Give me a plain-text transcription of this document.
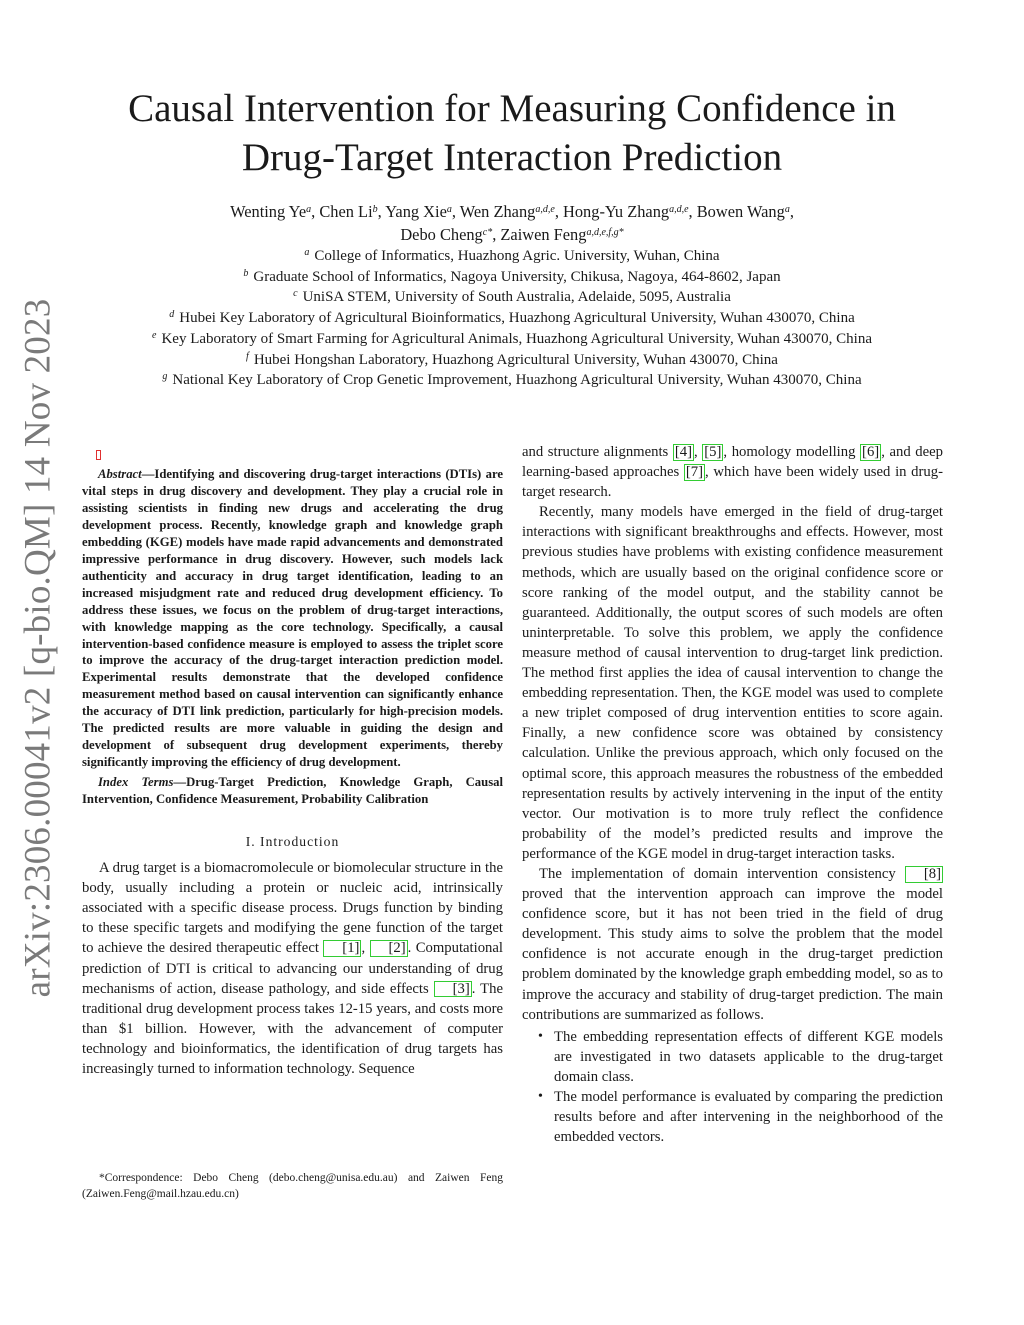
arXiv:2306.00041v2 [q-bio.QM] 14 Nov 2023
Causal Intervention for Measuring Confidence in
Drug-Target Interaction Prediction
Wenting Ye$^a$, Chen Li$^b$, Yang Xie$^a$, Wen Zhang$^{a,d,e}$, Hong-Yu Zhang$^{a,d,e}$, Bowen Wang$^a$,
Debo Cheng$^{c*}$, Zaiwen Feng$^{a,d,e,f,g*}$
$^a$ College of Informatics, Huazhong Agric. University, Wuhan, China
$^b$ Graduate School of Informatics, Nagoya University, Chikusa, Nagoya, 464-8602, Japan
$^c$ UniSA STEM, University of South Australia, Adelaide, 5095, Australia
$^d$ Hubei Key Laboratory of Agricultural Bioinformatics, Huazhong Agricultural University, Wuhan 430070, China
$^e$ Key Laboratory of Smart Farming for Agricultural Animals, Huazhong Agricultural University, Wuhan 430070, China
$^f$ Hubei Hongshan Laboratory, Huazhong Agricultural University, Wuhan 430070, China
$^g$ National Key Laboratory of Crop Genetic Improvement, Huazhong Agricultural University, Wuhan 430070, China

Abstract—Identifying and discovering drug-target interactions (DTIs) are vital steps in drug discovery and development. They play a crucial role in assisting scientists in finding new drugs and accelerating the drug development process. Recently, knowledge graph and knowledge graph embedding (KGE) models have made rapid advancements and demonstrated impressive performance in drug discovery. However, such models lack authenticity and accuracy in drug target identification, leading to an increased misjudgment rate and reduced drug development efficiency. To address these issues, we focus on the problem of drug-target interactions, with knowledge mapping as the core technology. Specifically, a causal intervention-based confidence measure is employed to assess the triplet score to improve the accuracy of the drug-target interaction prediction model. Experimental results demonstrate that the developed confidence measurement method based on causal intervention can significantly enhance the accuracy of DTI link prediction, particularly for high-precision models. The predicted results are more valuable in guiding the design and development of subsequent drug development experiments, thereby significantly improving the efficiency of drug development.

Index Terms—Drug-Target Prediction, Knowledge Graph, Causal Intervention, Confidence Measurement, Probability Calibration

I. Introduction

A drug target is a biomacromolecule or biomolecular structure in the body, usually including a protein or nucleic acid, intrinsically associated with a specific disease process. Drugs function by binding to these specific targets and modifying the gene function of the target to achieve the desired therapeutic effect [1] , [2] . Computational prediction of DTI is critical to advancing our understanding of drug mechanisms of action, disease pathology, and side effects [3] . The traditional drug development process takes 12-15 years, and costs more than $1 billion. However, with the advancement of computer technology and bioinformatics, the identification of drug targets has increasingly turned to information technology. Sequence

*Correspondence: Debo Cheng (debo.cheng@unisa.edu.au) and Zaiwen Feng (Zaiwen.Feng@mail.hzau.edu.cn)

and structure alignments [4] , [5] , homology modelling [6] , and deep learning-based approaches [7] , which have been widely used in drug-target research.

Recently, many models have emerged in the field of drug-target interactions with significant breakthroughs and effects. However, most previous studies have problems with existing confidence measurement methods, which are usually based on the original confidence score or score ranking of the model output, and the stability cannot be guaranteed. Additionally, the output scores of such models are often uninterpretable. To solve this problem, we apply the confidence measure method of causal intervention to drug-target link prediction. The method first applies the idea of causal intervention to change the embedding representation. Then, the KGE model was used to complete a new triplet composed of drug intervention entities to score again. Finally, a new confidence score was obtained by consistency calculation. Unlike the previous approach, which only focused on the optimal score, this approach measures the robustness of the embedded representation results by actively intervening in the input of the entity vector. Our motivation is to more truly reflect the confidence probability of the model’s predicted results and improve the performance of the KGE model in drug-target interaction tasks.

The implementation of domain intervention consistency [8] proved that the intervention approach can improve the model confidence score, but it has not been tried in the field of drug development. This study aims to solve the problem that the model confidence is not accurate enough in the drug-target prediction problem dominated by the knowledge graph embedding model, so as to improve the accuracy and stability of drug-target prediction. The main contributions are summarized as follows.

• The embedding representation effects of different KGE models are investigated in two datasets applicable to the drug-target domain class.
• The model performance is evaluated by comparing the prediction results before and after intervening in the neighborhood of the embedded vectors.
